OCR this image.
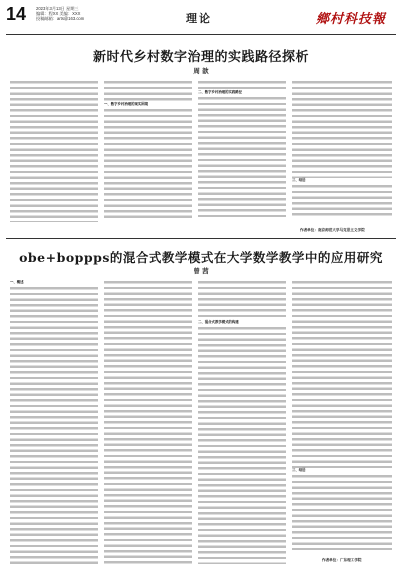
14 2023年3月13日 星期三
编辑：程XX 美编：XXX
投稿邮箱：arts@163.com	理论	鄉村科技報
新时代乡村数字治理的实践路径探析
周 歆
一、数字乡村治理的现实困境
二、数字乡村治理的实践路径
三、结语
作者单位：南京师范大学马克思主义学院
obe+boppps的混合式教学模式在大学数学教学中的应用研究
曾 茜
一、概述
二、混合式教学模式的构建
三、结语
作者单位：广东理工学院
